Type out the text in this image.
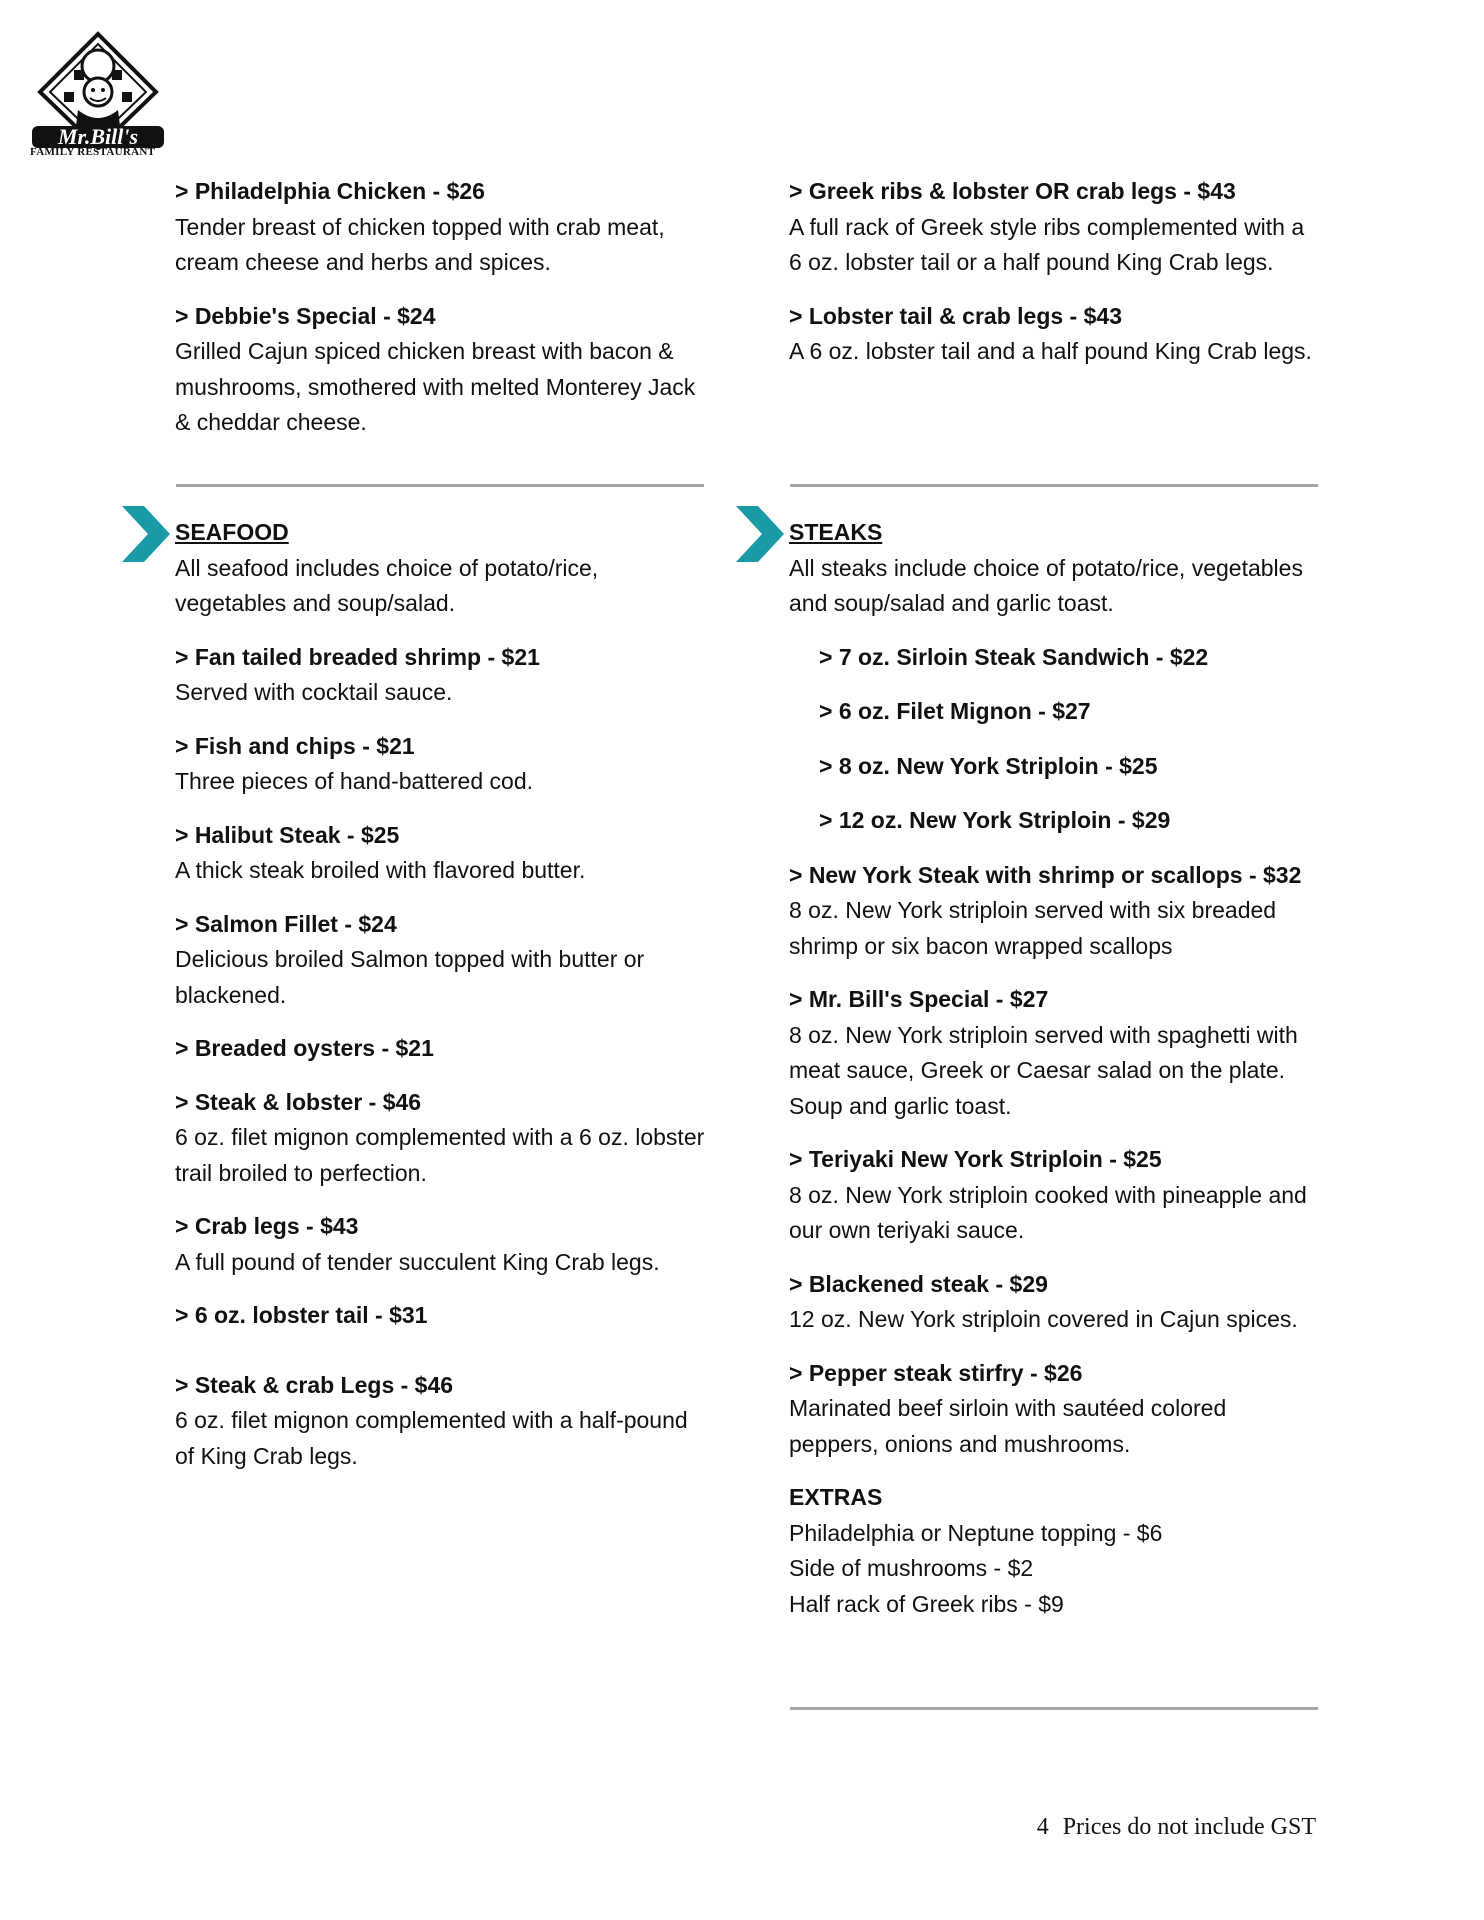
Mr.Bill's
FAMILY RESTAURANT
> Philadelphia Chicken - $26
Tender breast of chicken topped with crab meat, cream cheese and herbs and spices.
> Debbie's Special - $24
Grilled Cajun spiced chicken breast with bacon & mushrooms, smothered with melted Monterey Jack & cheddar cheese.
> Greek ribs & lobster OR crab legs - $43
A full rack of Greek style ribs complemented with a 6 oz. lobster tail or a half pound King Crab legs.
> Lobster tail & crab legs - $43
A 6 oz. lobster tail and a half pound King Crab legs.
SEAFOOD
All seafood includes choice of potato/rice, vegetables and soup/salad.
> Fan tailed breaded shrimp - $21
Served with cocktail sauce.
> Fish and chips - $21
Three pieces of hand-battered cod.
> Halibut Steak - $25
A thick steak broiled with flavored butter.
> Salmon Fillet - $24
Delicious broiled Salmon topped with butter or blackened.
> Breaded oysters - $21
> Steak & lobster - $46
6 oz. filet mignon complemented with a 6 oz. lobster trail broiled to perfection.
> Crab legs - $43
A full pound of tender succulent King Crab legs.
> 6 oz. lobster tail - $31
> Steak & crab Legs - $46
6 oz. filet mignon complemented with a half-pound of King Crab legs.
STEAKS
All steaks include choice of potato/rice, vegetables and soup/salad and garlic toast.
> 7 oz. Sirloin Steak Sandwich - $22
> 6 oz. Filet Mignon - $27
> 8 oz. New York Striploin - $25
> 12 oz. New York Striploin - $29
> New York Steak with shrimp or scallops - $32
8 oz. New York striploin served with six breaded shrimp or six bacon wrapped scallops
> Mr. Bill's Special - $27
8 oz. New York striploin served with spaghetti with meat sauce, Greek or Caesar salad on the plate. Soup and garlic toast.
> Teriyaki New York Striploin - $25
8 oz. New York striploin cooked with pineapple and our own teriyaki sauce.
> Blackened steak - $29
12 oz. New York striploin covered in Cajun spices.
> Pepper steak stirfry - $26
Marinated beef sirloin with sautéed colored peppers, onions and mushrooms.
EXTRAS
Philadelphia or Neptune topping - $6
Side of mushrooms - $2
Half rack of Greek ribs - $9
4 Prices do not include GST
